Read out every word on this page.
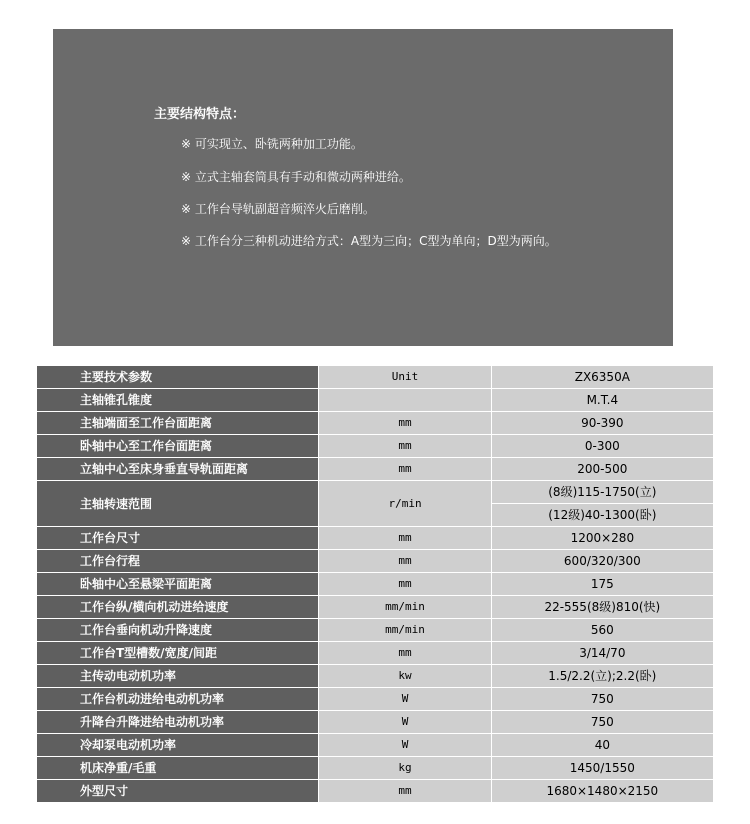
主要结构特点：
※ 可实现立、卧铣两种加工功能。
※ 立式主轴套筒具有手动和微动两种进给。
※ 工作台导轨副超音频淬火后磨削。
※ 工作台分三种机动进给方式：A型为三向；C型为单向；D型为两向。
主要技术参数	Unit	ZX6350A
主轴锥孔锥度		M.T.4
主轴端面至工作台面距离	mm	90-390
卧轴中心至工作台面距离	mm	0-300
立轴中心至床身垂直导轨面距离	mm	200-500
主轴转速范围	r/min	(8级)115-1750(立)
		(12级)40-1300(卧)
工作台尺寸	mm	1200×280
工作台行程	mm	600/320/300
卧轴中心至悬梁平面距离	mm	175
工作台纵/横向机动进给速度	mm/min	22-555(8级)810(快)
工作台垂向机动升降速度	mm/min	560
工作台T型槽数/宽度/间距	mm	3/14/70
主传动电动机功率	kw	1.5/2.2(立);2.2(卧)
工作台机动进给电动机功率	W	750
升降台升降进给电动机功率	W	750
冷却泵电动机功率	W	40
机床净重/毛重	kg	1450/1550
外型尺寸	mm	1680×1480×2150
